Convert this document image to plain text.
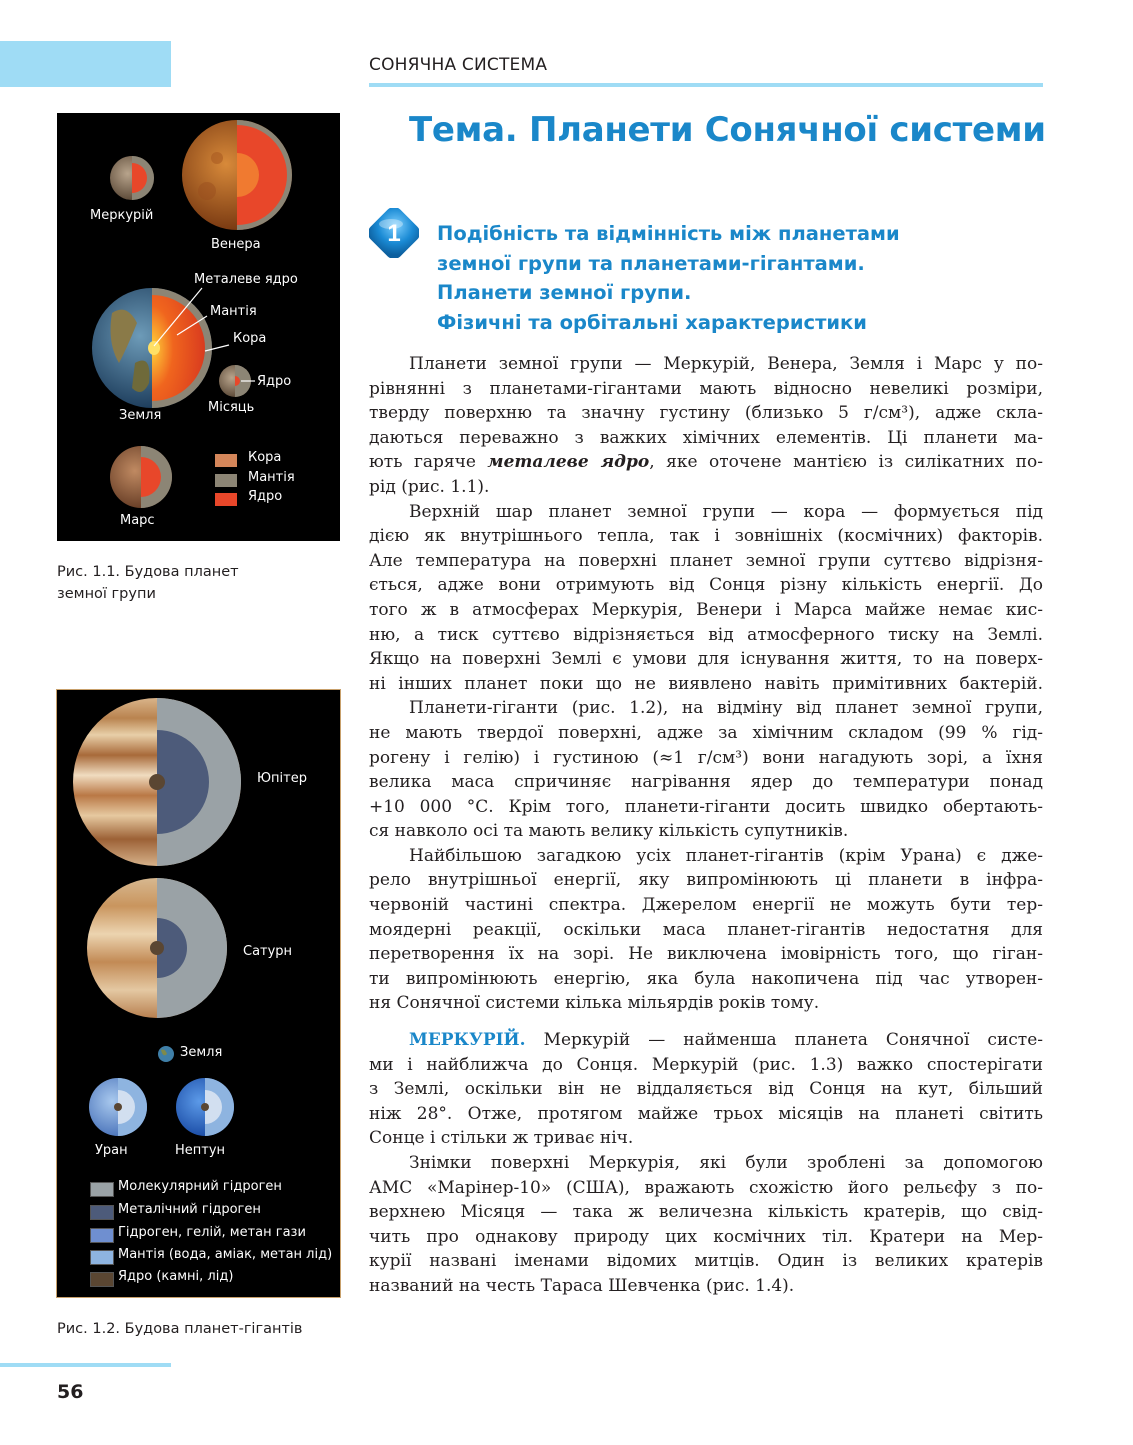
СОНЯЧНА СИСТЕМА
Тема. Планети Сонячної системи
1 Подібність та відмінність між планетами
земної групи та планетами-гігантами.
Планети земної групи.
Фізичні та орбітальні характеристики
Планети земної групи — Меркурій, Венера, Земля і Марс у по-
рівнянні з планетами-гігантами мають відносно невеликі розміри,
тверду поверхню та значну густину (близько 5 г/см³), адже скла-
даються переважно з важких хімічних елементів. Ці планети ма-
ють гаряче металеве ядро, яке оточене мантією із силікатних по-
рід (рис. 1.1).
Верхній шар планет земної групи — кора — формується під
дією як внутрішнього тепла, так і зовнішніх (космічних) факторів.
Але температура на поверхні планет земної групи суттєво відрізня-
ється, адже вони отримують від Сонця різну кількість енергії. До
того ж в атмосферах Меркурія, Венери і Марса майже немає кис-
ню, а тиск суттєво відрізняється від атмосферного тиску на Землі.
Якщо на поверхні Землі є умови для існування життя, то на поверх-
ні інших планет поки що не виявлено навіть примітивних бактерій.
Планети-гіганти (рис. 1.2), на відміну від планет земної групи,
не мають твердої поверхні, адже за хімічним складом (99 % гід-
рогену і гелію) і густиною (≈1 г/см³) вони нагадують зорі, а їхня
велика маса спричиняє нагрівання ядер до температури понад
+10 000 °С. Крім того, планети-гіганти досить швидко обертають-
ся навколо осі та мають велику кількість супутників.
Найбільшою загадкою усіх планет-гігантів (крім Урана) є дже-
рело внутрішньої енергії, яку випромінюють ці планети в інфра-
червоній частині спектра. Джерелом енергії не можуть бути тер-
моядерні реакції, оскільки маса планет-гігантів недостатня для
перетворення їх на зорі. Не виключена імовірність того, що гіган-
ти випромінюють енергію, яка була накопичена під час утворен-
ня Сонячної системи кілька мільярдів років тому.
МЕРКУРІЙ. Меркурій — найменша планета Сонячної систе-
ми і найближча до Сонця. Меркурій (рис. 1.3) важко спостерігати
з Землі, оскільки він не віддаляється від Сонця на кут, більший
ніж 28°. Отже, протягом майже трьох місяців на планеті світить
Сонце і стільки ж триває ніч.
Знімки поверхні Меркурія, які були зроблені за допомогою
АМС «Марінер-10» (США), вражають схожістю його рельєфу з по-
верхнею Місяця — така ж величезна кількість кратерів, що свід-
чить про однакову природу цих космічних тіл. Кратери на Мер-
курії названі іменами відомих митців. Один із великих кратерів
названий на честь Тараса Шевченка (рис. 1.4).
Меркурій
Венера
Металеве ядро
Мантія
Кора
Ядро
Місяць
Земля
Марс
Кора
Мантія
Ядро
Рис. 1.1. Будова планет
земної групи
Юпітер
Сатурн
Земля
Уран	Нептун
Молекулярний гідроген
Металічний гідроген
Гідроген, гелій, метан гази
Мантія (вода, аміак, метан лід)
Ядро (камні, лід)
Рис. 1.2. Будова планет-гігантів
56
